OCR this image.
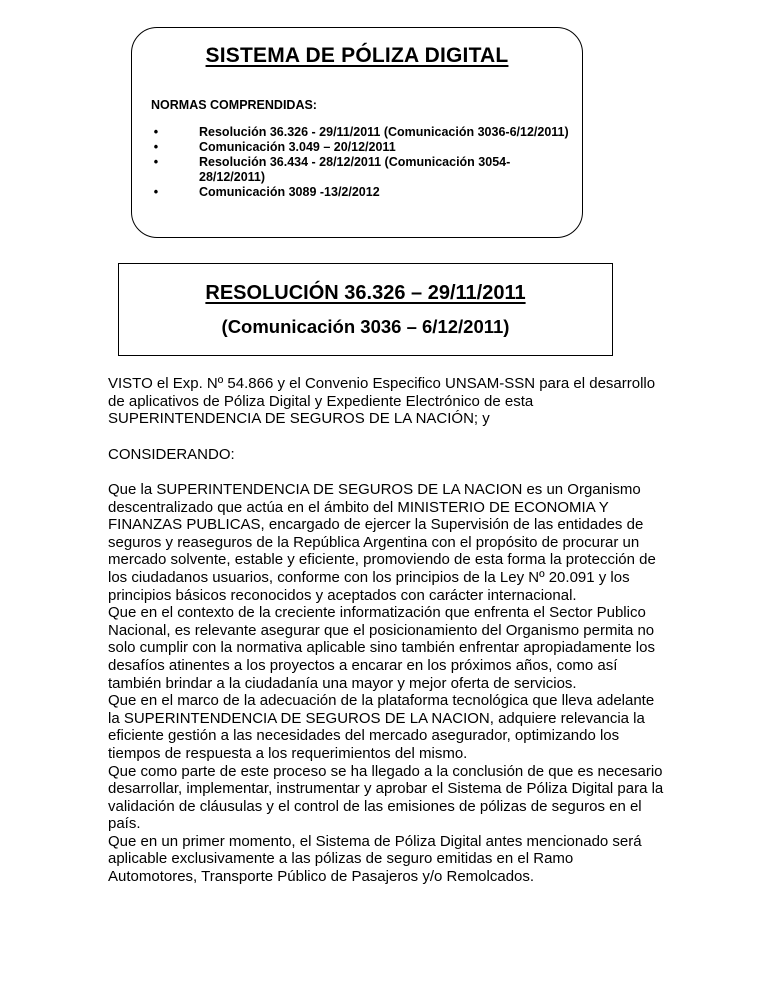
SISTEMA DE PÓLIZA DIGITAL
NORMAS COMPRENDIDAS:
•	Resolución 36.326 - 29/11/2011 (Comunicación 3036-6/12/2011)
•	Comunicación 3.049 – 20/12/2011
•	Resolución 36.434 - 28/12/2011 (Comunicación 3054-28/12/2011)
•	Comunicación 3089 -13/2/2012
RESOLUCIÓN 36.326 – 29/11/2011
(Comunicación 3036 – 6/12/2011)

VISTO el Exp. Nº 54.866 y el Convenio Especifico UNSAM-SSN para el desarrollo de aplicativos de Póliza Digital y Expediente Electrónico de esta SUPERINTENDENCIA DE SEGUROS DE LA NACIÓN; y

CONSIDERANDO:

Que la SUPERINTENDENCIA DE SEGUROS DE LA NACION es un Organismo descentralizado que actúa en el ámbito del MINISTERIO DE ECONOMIA Y FINANZAS PUBLICAS, encargado de ejercer la Supervisión de las entidades de seguros y reaseguros de la República Argentina con el propósito de procurar un mercado solvente, estable y eficiente, promoviendo de esta forma la protección de los ciudadanos usuarios, conforme con los principios de la Ley Nº 20.091 y los principios básicos reconocidos y aceptados con carácter internacional.

Que en el contexto de la creciente informatización que enfrenta el Sector Publico Nacional, es relevante asegurar que el posicionamiento del Organismo permita no solo cumplir con la normativa aplicable sino también enfrentar apropiadamente los desafíos atinentes a los proyectos a encarar en los próximos años, como así también brindar a la ciudadanía una mayor y mejor oferta de servicios.

Que en el marco de la adecuación de la plataforma tecnológica que lleva adelante la SUPERINTENDENCIA DE SEGUROS DE LA NACION, adquiere relevancia la eficiente gestión a las necesidades del mercado asegurador, optimizando los tiempos de respuesta a los requerimientos del mismo.

Que como parte de este proceso se ha llegado a la conclusión de que es necesario desarrollar, implementar, instrumentar y aprobar el Sistema de Póliza Digital para la validación de cláusulas y el control de las emisiones de pólizas de seguros en el país.

Que en un primer momento, el Sistema de Póliza Digital antes mencionado será aplicable exclusivamente a las pólizas de seguro emitidas en el Ramo Automotores, Transporte Público de Pasajeros y/o Remolcados.
